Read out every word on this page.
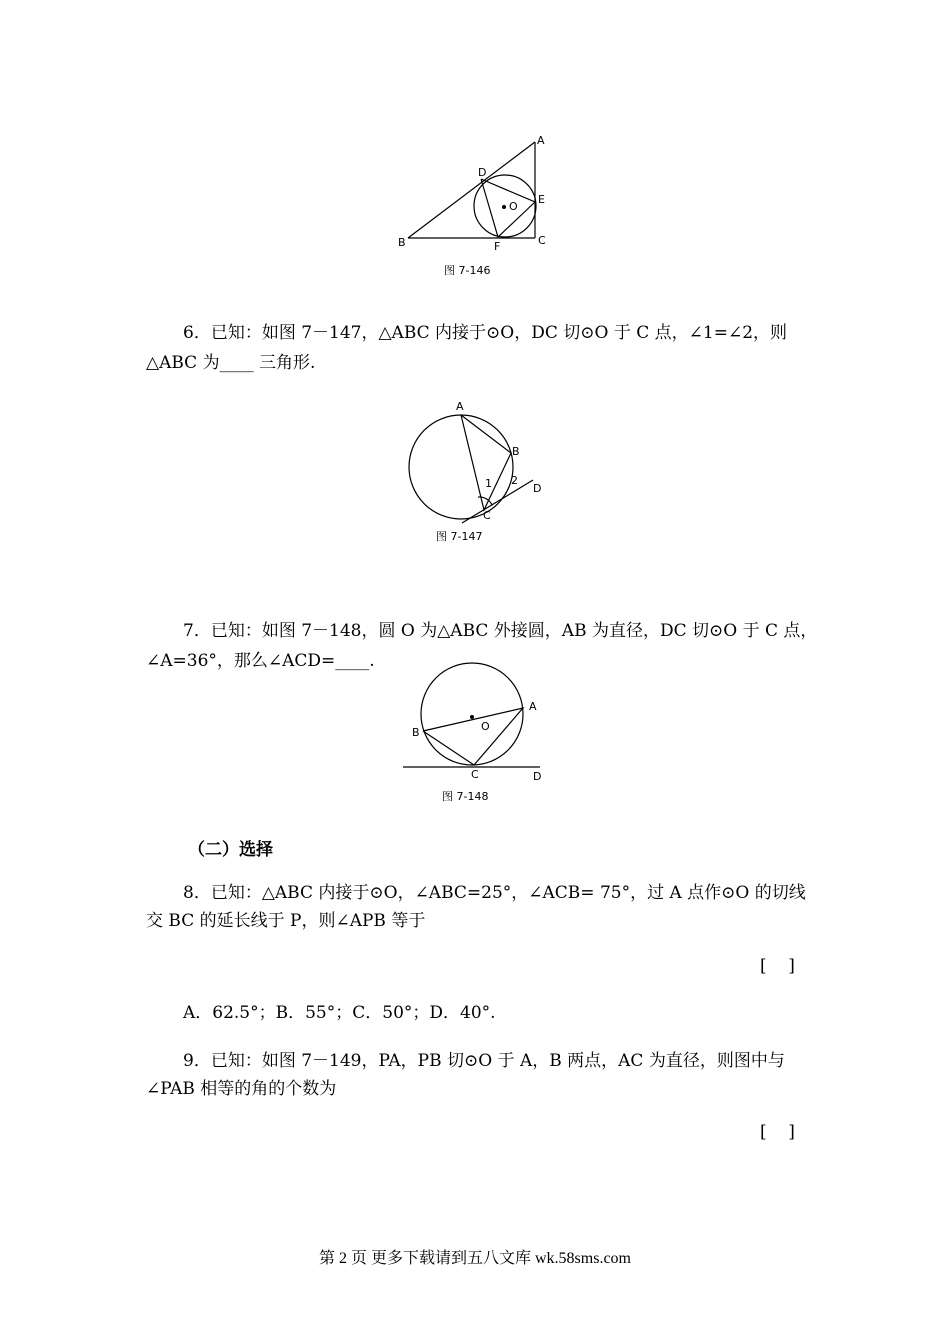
A
D
O
E
B	F	C
图 7-146
6．已知：如图 7－147，△ABC 内接于⊙O，DC 切⊙O 于 C 点，∠1=∠2，则
△ABC 为____ 三角形.
A
B
1 2
D
C
图 7-147
7．已知：如图 7－148，圆 O 为△ABC 外接圆，AB 为直径，DC 切⊙O 于 C 点，
∠A=36°，那么∠ACD=____.
O
A
B
C	D
图 7-148
（二）选择
8．已知：△ABC 内接于⊙O，∠ABC=25°，∠ACB= 75°，过 A 点作⊙O 的切线
交 BC 的延长线于 P，则∠APB 等于
[    ]
A．62.5°；B．55°；C．50°；D．40°.
9．已知：如图 7－149，PA，PB 切⊙O 于 A，B 两点，AC 为直径，则图中与
∠PAB 相等的角的个数为
[    ]
第 2 页 更多下载请到五八文库 wk.58sms.com
